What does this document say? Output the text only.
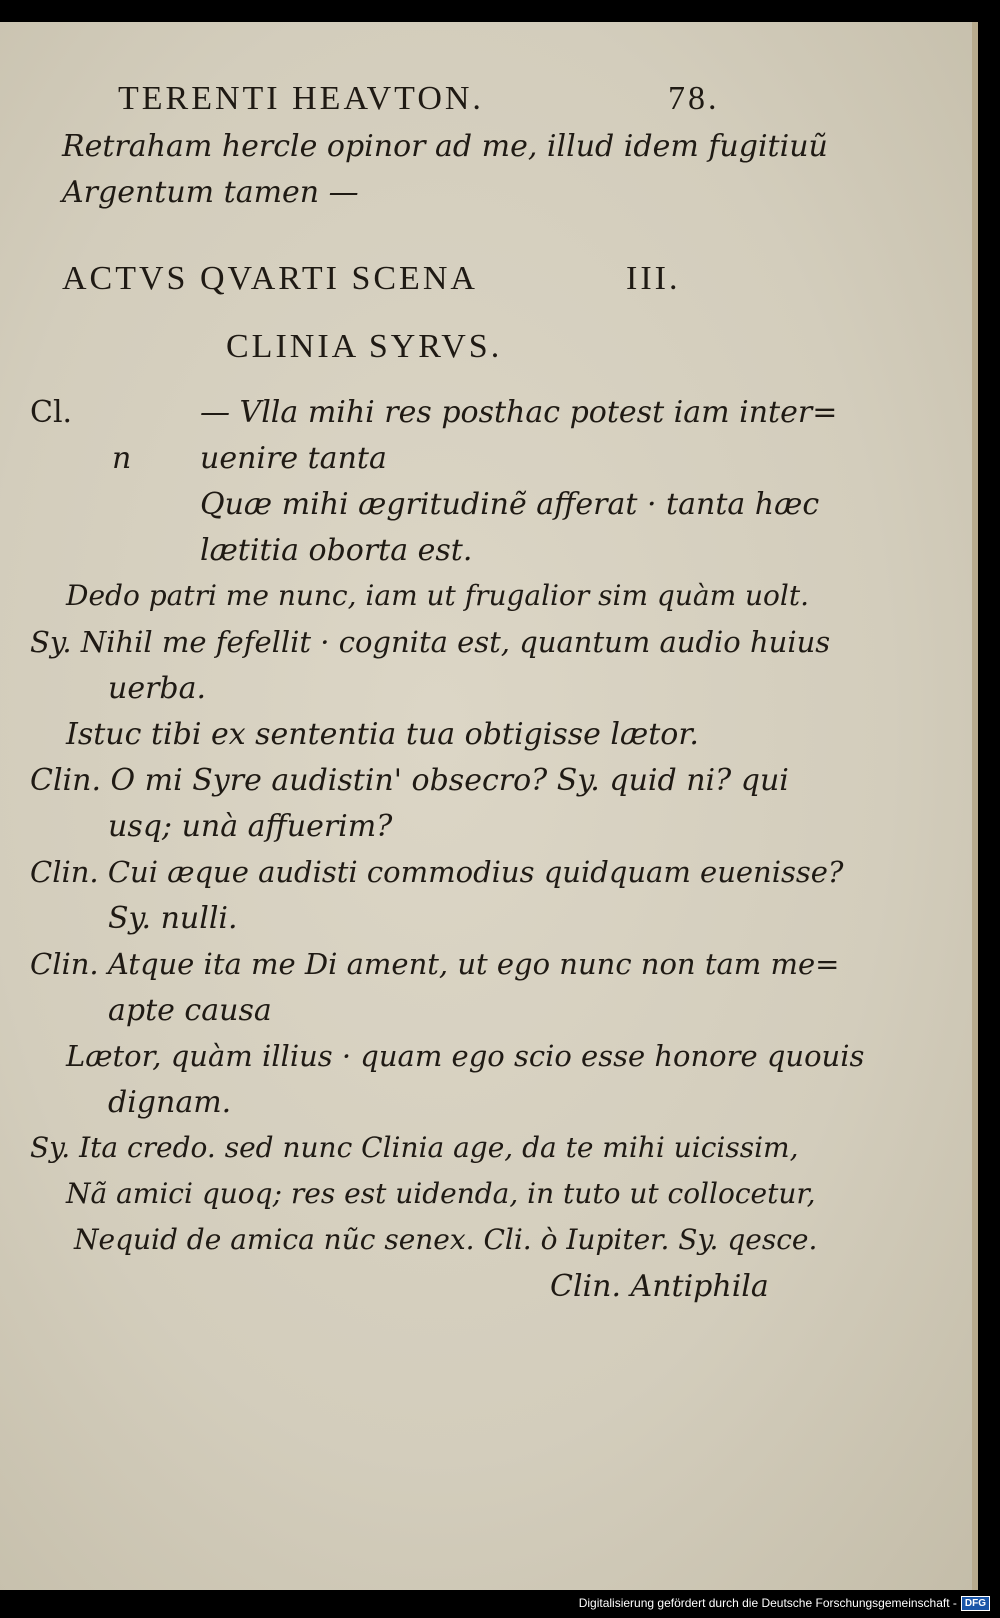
TERENTI HEAVTON.	78.
Retraham hercle opinor ad me, illud idem fugitiuũ
Argentum tamen —
ACTVS QVARTI SCENA	III.
CLINIA SYRVS.
Cl.
n
— Vlla mihi res posthac potest iam inter=
uenire tanta
Quæ mihi ægritudinẽ afferat · tanta hæc
lætitia oborta est.
Dedo patri me nunc, iam ut frugalior sim quàm uolt.
Sy. Nihil me fefellit · cognita est, quantum audio huius
uerba.
Istuc tibi ex sententia tua obtigisse lætor.
Clin. O mi Syre audistin' obsecro? Sy. quid ni? qui
usq; unà affuerim?
Clin. Cui æque audisti commodius quidquam euenisse?
Sy. nulli.
Clin. Atque ita me Di ament, ut ego nunc non tam me=
apte causa
Lætor, quàm illius · quam ego scio esse honore quouis
dignam.
Sy. Ita credo. sed nunc Clinia age, da te mihi uicissim,
Nã amici quoq; res est uidenda, in tuto ut collocetur,
Nequid de amica nũc senex. Cli. ò Iupiter. Sy. qesce.
Clin. Antiphila
Digitalisierung gefördert durch die Deutsche Forschungsgemeinschaft - DFG
